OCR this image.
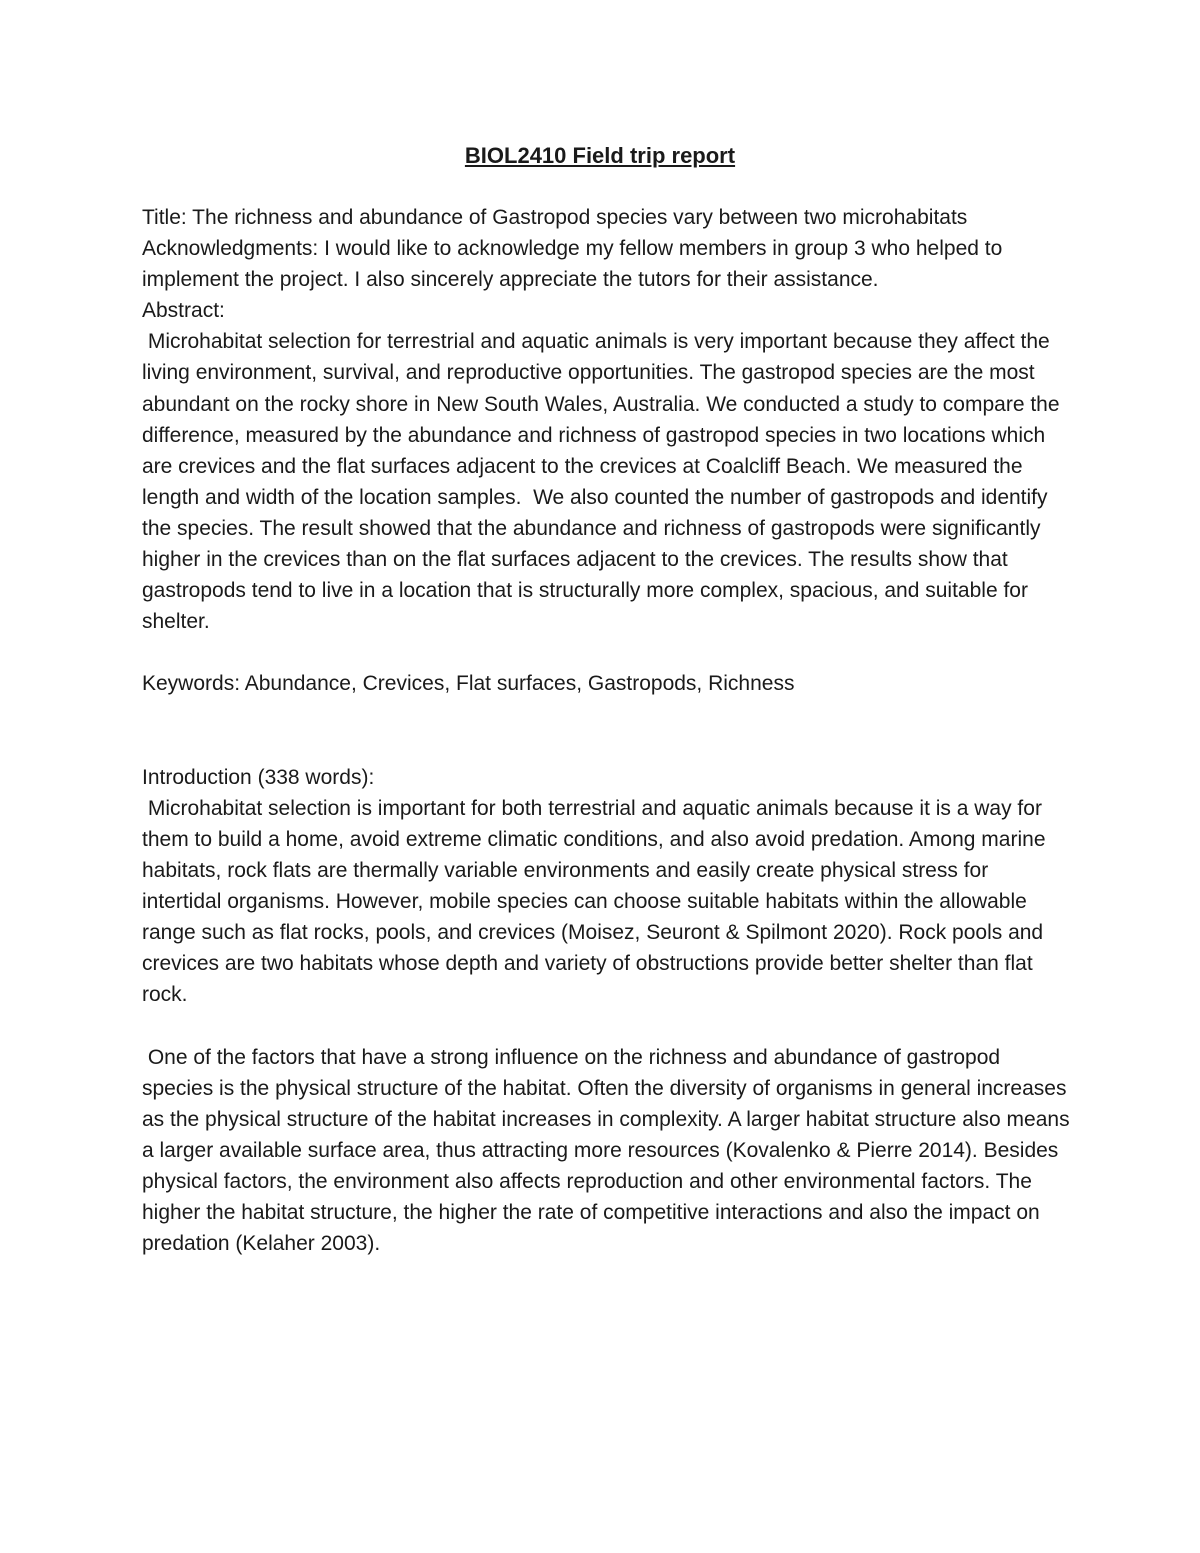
BIOL2410 Field trip report

Title: The richness and abundance of Gastropod species vary between two microhabitats

Acknowledgments: I would like to acknowledge my fellow members in group 3 who helped to implement the project. I also sincerely appreciate the tutors for their assistance.

Abstract:

Microhabitat selection for terrestrial and aquatic animals is very important because they affect the living environment, survival, and reproductive opportunities. The gastropod species are the most abundant on the rocky shore in New South Wales, Australia. We conducted a study to compare the difference, measured by the abundance and richness of gastropod species in two locations which are crevices and the flat surfaces adjacent to the crevices at Coalcliff Beach. We measured the length and width of the location samples.  We also counted the number of gastropods and identify the species. The result showed that the abundance and richness of gastropods were significantly higher in the crevices than on the flat surfaces adjacent to the crevices. The results show that gastropods tend to live in a location that is structurally more complex, spacious, and suitable for shelter.

Keywords: Abundance, Crevices, Flat surfaces, Gastropods, Richness

Introduction (338 words):

Microhabitat selection is important for both terrestrial and aquatic animals because it is a way for them to build a home, avoid extreme climatic conditions, and also avoid predation. Among marine habitats, rock flats are thermally variable environments and easily create physical stress for intertidal organisms. However, mobile species can choose suitable habitats within the allowable range such as flat rocks, pools, and crevices (Moisez, Seuront & Spilmont 2020). Rock pools and crevices are two habitats whose depth and variety of obstructions provide better shelter than flat rock.

One of the factors that have a strong influence on the richness and abundance of gastropod species is the physical structure of the habitat. Often the diversity of organisms in general increases as the physical structure of the habitat increases in complexity. A larger habitat structure also means a larger available surface area, thus attracting more resources (Kovalenko & Pierre 2014). Besides physical factors, the environment also affects reproduction and other environmental factors. The higher the habitat structure, the higher the rate of competitive interactions and also the impact on predation (Kelaher 2003).
